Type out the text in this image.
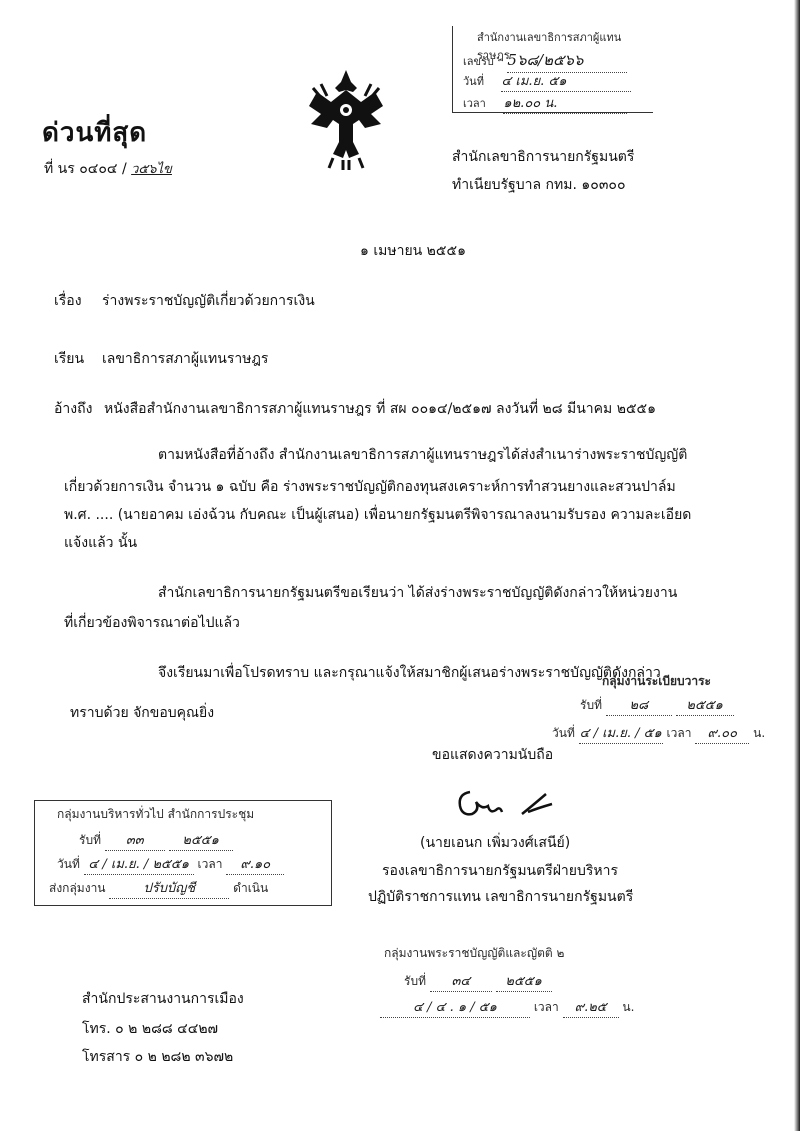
ด่วนที่สุด
ที่ นร ๐๔๐๔ / ว๕๖ไข
สำนักงานเลขาธิการสภาผู้แทนราษฎร
เลขรับ 5๖๘/๒๕๖๖
วันที่ ๔ เม.ย. ๕๑
เวลา ๑๒.๐๐ น.
สำนักเลขาธิการนายกรัฐมนตรี
ทำเนียบรัฐบาล กทม. ๑๐๓๐๐
๑ เมษายน ๒๕๕๑
เรื่อง ร่างพระราชบัญญัติเกี่ยวด้วยการเงิน
เรียน เลขาธิการสภาผู้แทนราษฎร
อ้างถึง หนังสือสำนักงานเลขาธิการสภาผู้แทนราษฎร ที่ สผ ๐๐๑๔/๒๕๑๗ ลงวันที่ ๒๘ มีนาคม ๒๕๕๑
ตามหนังสือที่อ้างถึง สำนักงานเลขาธิการสภาผู้แทนราษฎรได้ส่งสำเนาร่างพระราชบัญญัติ
เกี่ยวด้วยการเงิน จำนวน ๑ ฉบับ คือ ร่างพระราชบัญญัติกองทุนสงเคราะห์การทำสวนยางและสวนปาล์ม
พ.ศ. .... (นายอาคม เอ่งฉ้วน กับคณะ เป็นผู้เสนอ) เพื่อนายกรัฐมนตรีพิจารณาลงนามรับรอง ความละเอียด
แจ้งแล้ว นั้น
สำนักเลขาธิการนายกรัฐมนตรีขอเรียนว่า ได้ส่งร่างพระราชบัญญัติดังกล่าวให้หน่วยงาน
ที่เกี่ยวข้องพิจารณาต่อไปแล้ว
จึงเรียนมาเพื่อโปรดทราบ และกรุณาแจ้งให้สมาชิกผู้เสนอร่างพระราชบัญญัติดังกล่าว
ทราบด้วย จักขอบคุณยิ่ง
กลุ่มงานระเบียบวาระ
รับที่ ๒๘	๒๕๕๑
วันที่ ๔ / เม.ย. / ๕๑ เวลา ๙.๐๐ น.
ขอแสดงความนับถือ
(นายเอนก เพิ่มวงศ์เสนีย์)
รองเลขาธิการนายกรัฐมนตรีฝ่ายบริหาร
ปฏิบัติราชการแทน เลขาธิการนายกรัฐมนตรี
กลุ่มงานบริหารทั่วไป สำนักการประชุม
รับที่ ๓๓	๒๕๕๑
วันที่ ๔ / เม.ย. / ๒๕๕๑ เวลา ๙.๑๐
ส่งกลุ่มงาน	ปรับบัญชี	ดำเนิน
กลุ่มงานพระราชบัญญัติและญัตติ ๒
รับที่ ๓๔	๒๕๕๑
๔ / ๔ . ๑ / ๕๑	เวลา ๙.๒๕ น.
สำนักประสานงานการเมือง
โทร. ๐ ๒ ๒๘๘ ๔๔๒๗
โทรสาร ๐ ๒ ๒๘๒ ๓๖๗๒
